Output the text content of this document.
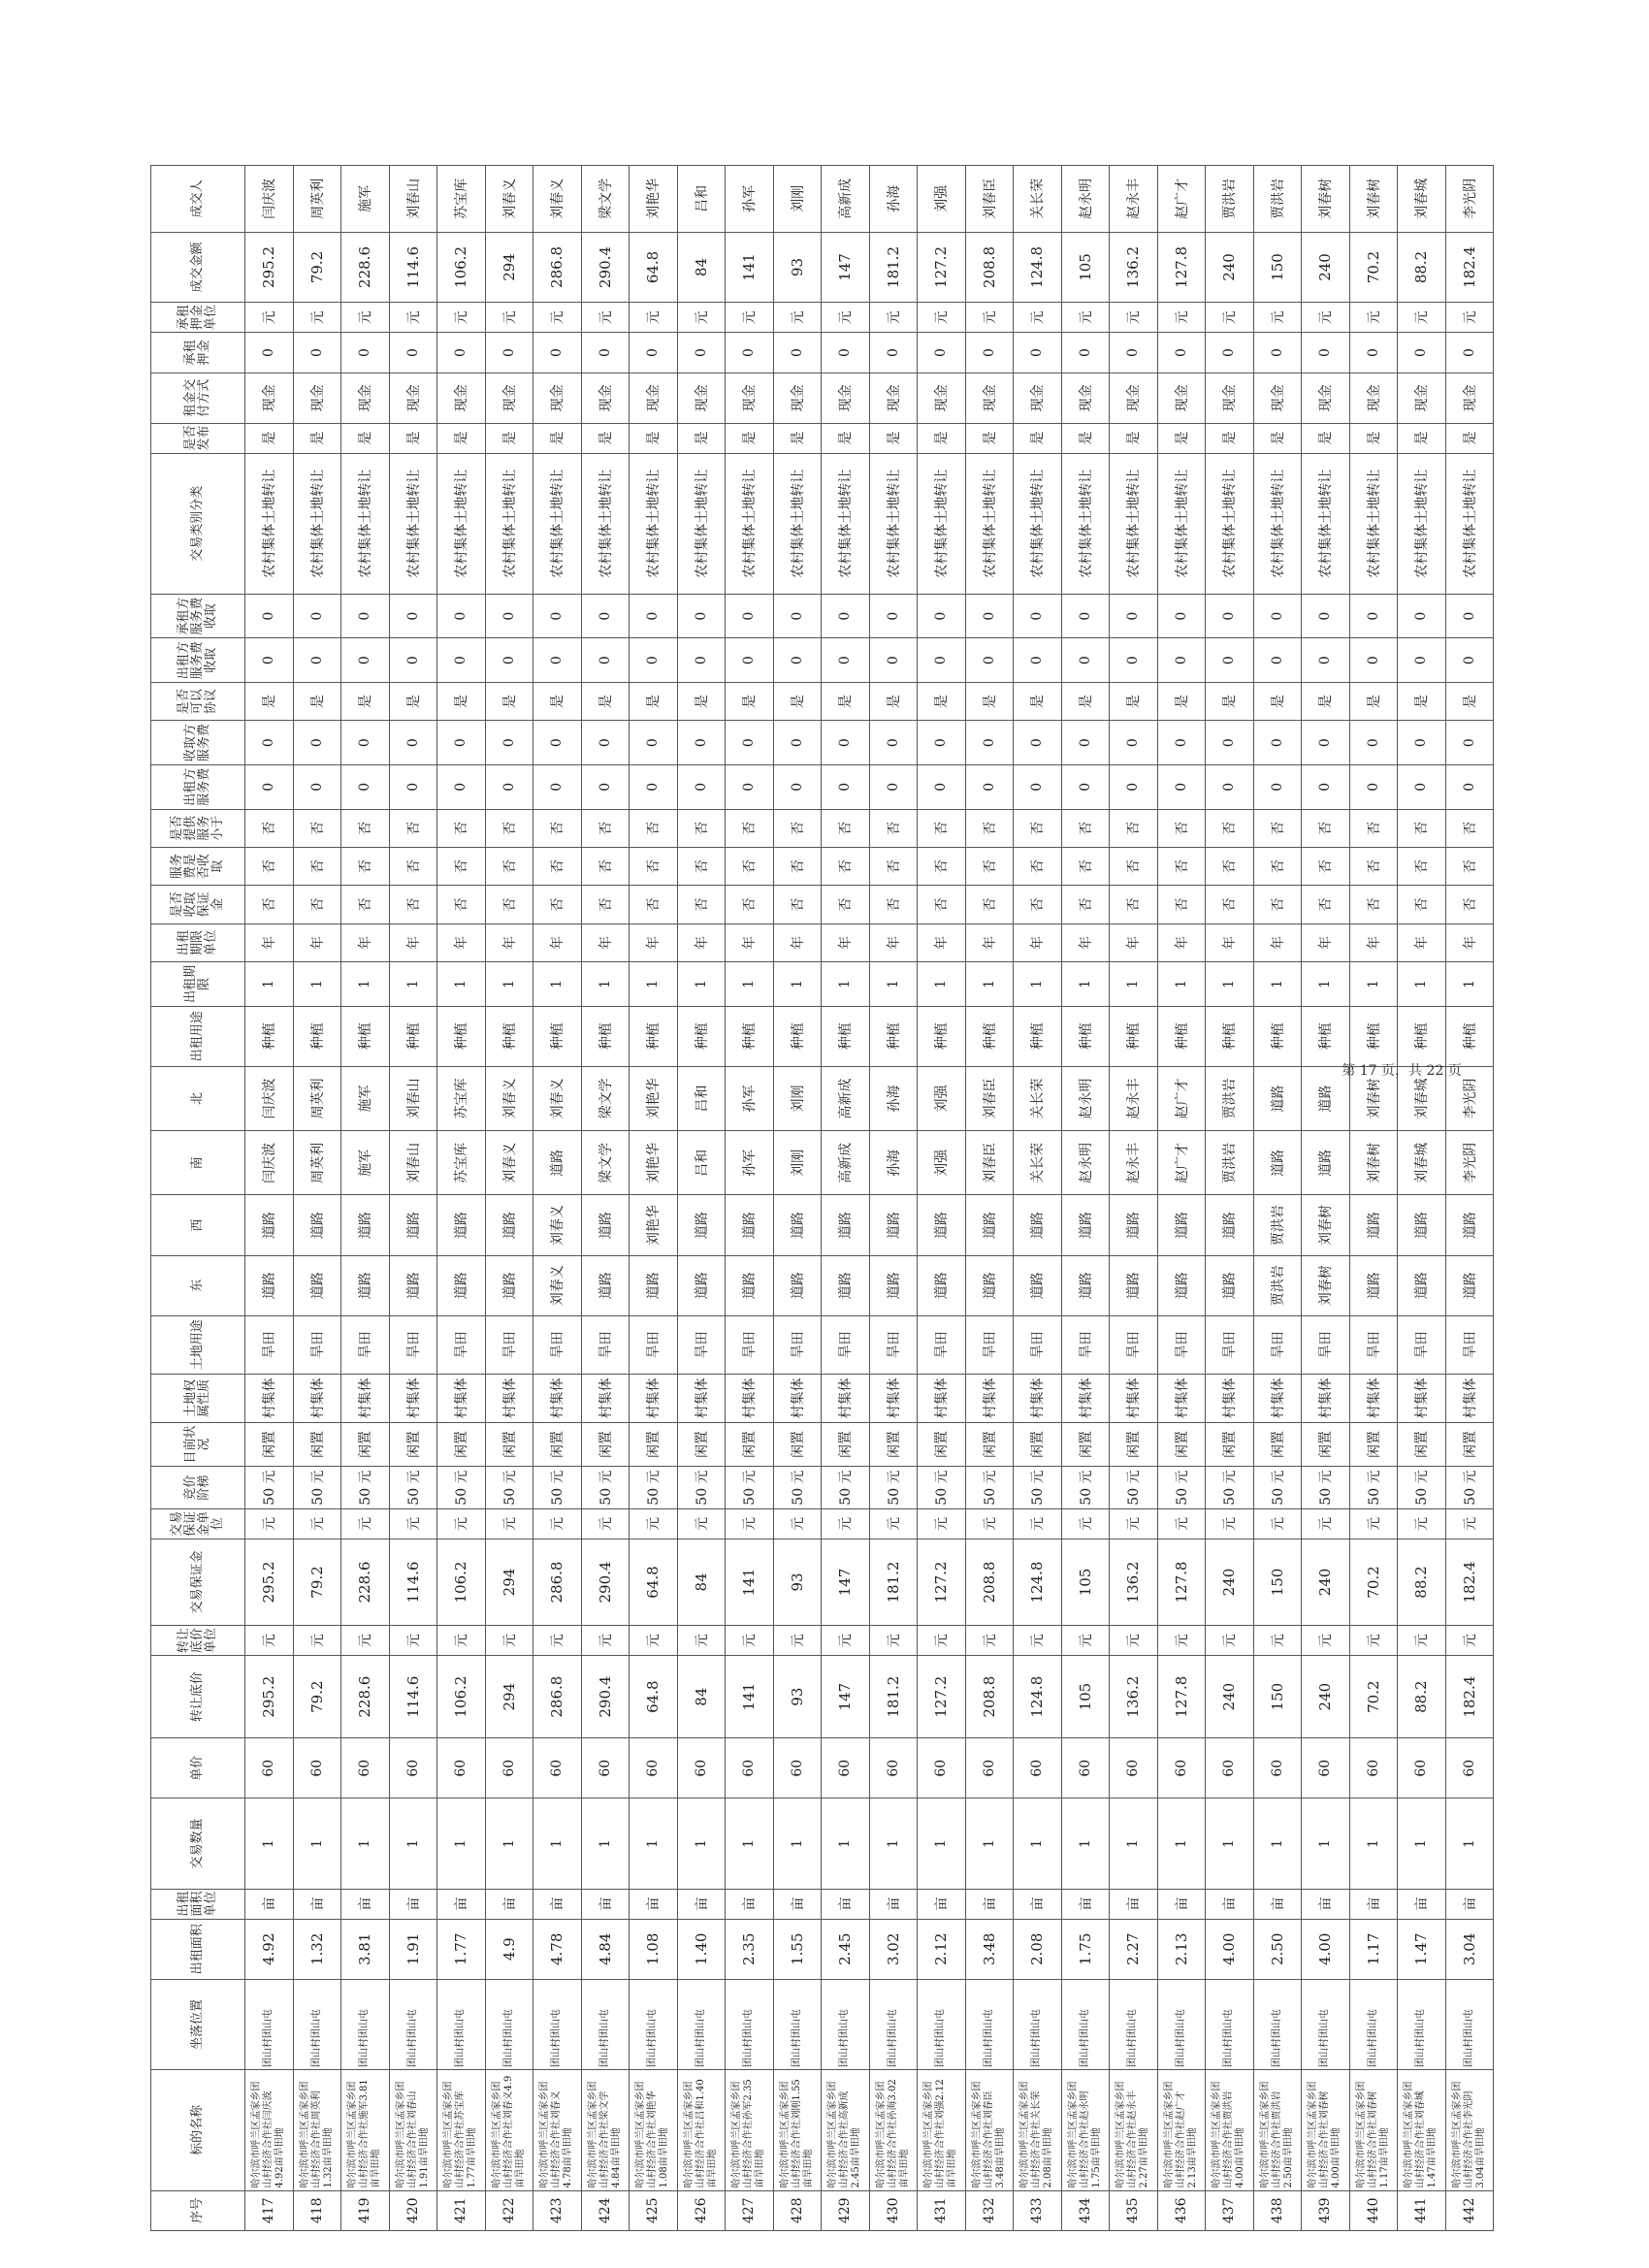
序号	标的名称	坐落位置	出租面积	出租面积单位	交易数量	单价	转让底价	转让底价单位	交易保证金	交易保证金单位	竞价阶梯	目前状况	土地权属性质	土地用途	东	西	南	北	出租用途	出租期限	出租期限单位	是否收取保证金	服务费是否收取	是否提供服务小于	出租方服务费	收取方服务费	是否可以协议	出租方服务费收取	承租方服务费收取	交易类别分类	是否发布	租金交付方式	承租押金	承租押金单位	成交金额	成交人
417	哈尔滨市呼兰区孟家乡团山村经济合作社闫庆波4.92亩旱田地	团山村团山屯	4.92	亩	1	60	295.2	元	295.2	元	50 元	闲置	村集体	旱田	道路	道路	闫庆波	闫庆波	种植	1	年	否	否	否	0	0	是	0	0	农村集体土地转让	是	现金	0	元	295.2	闫庆波
418	哈尔滨市呼兰区孟家乡团山村经济合作社周英利1.32亩旱田地	团山村团山屯	1.32	亩	1	60	79.2	元	79.2	元	50 元	闲置	村集体	旱田	道路	道路	周英利	周英利	种植	1	年	否	否	否	0	0	是	0	0	农村集体土地转让	是	现金	0	元	79.2	周英利
419	哈尔滨市呼兰区孟家乡团山村经济合作社施军3.81亩旱田地	团山村团山屯	3.81	亩	1	60	228.6	元	228.6	元	50 元	闲置	村集体	旱田	道路	道路	施军	施军	种植	1	年	否	否	否	0	0	是	0	0	农村集体土地转让	是	现金	0	元	228.6	施军
420	哈尔滨市呼兰区孟家乡团山村经济合作社刘春山1.91亩旱田地	团山村团山屯	1.91	亩	1	60	114.6	元	114.6	元	50 元	闲置	村集体	旱田	道路	道路	刘春山	刘春山	种植	1	年	否	否	否	0	0	是	0	0	农村集体土地转让	是	现金	0	元	114.6	刘春山
421	哈尔滨市呼兰区孟家乡团山村经济合作社苏宝库1.77亩旱田地	团山村团山屯	1.77	亩	1	60	106.2	元	106.2	元	50 元	闲置	村集体	旱田	道路	道路	苏宝库	苏宝库	种植	1	年	否	否	否	0	0	是	0	0	农村集体土地转让	是	现金	0	元	106.2	苏宝库
422	哈尔滨市呼兰区孟家乡团山村经济合作社刘春义4.9亩旱田地	团山村团山屯	4.9	亩	1	60	294	元	294	元	50 元	闲置	村集体	旱田	道路	道路	刘春义	刘春义	种植	1	年	否	否	否	0	0	是	0	0	农村集体土地转让	是	现金	0	元	294	刘春义
423	哈尔滨市呼兰区孟家乡团山村经济合作社刘春义4.78亩旱田地	团山村团山屯	4.78	亩	1	60	286.8	元	286.8	元	50 元	闲置	村集体	旱田	刘春义	刘春义	道路	刘春义	种植	1	年	否	否	否	0	0	是	0	0	农村集体土地转让	是	现金	0	元	286.8	刘春义
424	哈尔滨市呼兰区孟家乡团山村经济合作社梁文学4.84亩旱田地	团山村团山屯	4.84	亩	1	60	290.4	元	290.4	元	50 元	闲置	村集体	旱田	道路	道路	梁文学	梁文学	种植	1	年	否	否	否	0	0	是	0	0	农村集体土地转让	是	现金	0	元	290.4	梁文学
425	哈尔滨市呼兰区孟家乡团山村经济合作社刘艳华1.08亩旱田地	团山村团山屯	1.08	亩	1	60	64.8	元	64.8	元	50 元	闲置	村集体	旱田	道路	刘艳华	刘艳华	刘艳华	种植	1	年	否	否	否	0	0	是	0	0	农村集体土地转让	是	现金	0	元	64.8	刘艳华
426	哈尔滨市呼兰区孟家乡团山村经济合作社吕和1.40亩旱田地	团山村团山屯	1.40	亩	1	60	84	元	84	元	50 元	闲置	村集体	旱田	道路	道路	吕和	吕和	种植	1	年	否	否	否	0	0	是	0	0	农村集体土地转让	是	现金	0	元	84	吕和
427	哈尔滨市呼兰区孟家乡团山村经济合作社孙军2.35亩旱田地	团山村团山屯	2.35	亩	1	60	141	元	141	元	50 元	闲置	村集体	旱田	道路	道路	孙军	孙军	种植	1	年	否	否	否	0	0	是	0	0	农村集体土地转让	是	现金	0	元	141	孙军
428	哈尔滨市呼兰区孟家乡团山村经济合作社刘刚1.55亩旱田地	团山村团山屯	1.55	亩	1	60	93	元	93	元	50 元	闲置	村集体	旱田	道路	道路	刘刚	刘刚	种植	1	年	否	否	否	0	0	是	0	0	农村集体土地转让	是	现金	0	元	93	刘刚
429	哈尔滨市呼兰区孟家乡团山村经济合作社高新成2.45亩旱田地	团山村团山屯	2.45	亩	1	60	147	元	147	元	50 元	闲置	村集体	旱田	道路	道路	高新成	高新成	种植	1	年	否	否	否	0	0	是	0	0	农村集体土地转让	是	现金	0	元	147	高新成
430	哈尔滨市呼兰区孟家乡团山村经济合作社孙海3.02亩旱田地	团山村团山屯	3.02	亩	1	60	181.2	元	181.2	元	50 元	闲置	村集体	旱田	道路	道路	孙海	孙海	种植	1	年	否	否	否	0	0	是	0	0	农村集体土地转让	是	现金	0	元	181.2	孙海
431	哈尔滨市呼兰区孟家乡团山村经济合作社刘强2.12亩旱田地	团山村团山屯	2.12	亩	1	60	127.2	元	127.2	元	50 元	闲置	村集体	旱田	道路	道路	刘强	刘强	种植	1	年	否	否	否	0	0	是	0	0	农村集体土地转让	是	现金	0	元	127.2	刘强
432	哈尔滨市呼兰区孟家乡团山村经济合作社刘春臣3.48亩旱田地	团山村团山屯	3.48	亩	1	60	208.8	元	208.8	元	50 元	闲置	村集体	旱田	道路	道路	刘春臣	刘春臣	种植	1	年	否	否	否	0	0	是	0	0	农村集体土地转让	是	现金	0	元	208.8	刘春臣
433	哈尔滨市呼兰区孟家乡团山村经济合作社关长荣2.08亩旱田地	团山村团山屯	2.08	亩	1	60	124.8	元	124.8	元	50 元	闲置	村集体	旱田	道路	道路	关长荣	关长荣	种植	1	年	否	否	否	0	0	是	0	0	农村集体土地转让	是	现金	0	元	124.8	关长荣
434	哈尔滨市呼兰区孟家乡团山村经济合作社赵永明1.75亩旱田地	团山村团山屯	1.75	亩	1	60	105	元	105	元	50 元	闲置	村集体	旱田	道路	道路	赵永明	赵永明	种植	1	年	否	否	否	0	0	是	0	0	农村集体土地转让	是	现金	0	元	105	赵永明
435	哈尔滨市呼兰区孟家乡团山村经济合作社赵永丰2.27亩旱田地	团山村团山屯	2.27	亩	1	60	136.2	元	136.2	元	50 元	闲置	村集体	旱田	道路	道路	赵永丰	赵永丰	种植	1	年	否	否	否	0	0	是	0	0	农村集体土地转让	是	现金	0	元	136.2	赵永丰
436	哈尔滨市呼兰区孟家乡团山村经济合作社赵广才2.13亩旱田地	团山村团山屯	2.13	亩	1	60	127.8	元	127.8	元	50 元	闲置	村集体	旱田	道路	道路	赵广才	赵广才	种植	1	年	否	否	否	0	0	是	0	0	农村集体土地转让	是	现金	0	元	127.8	赵广才
437	哈尔滨市呼兰区孟家乡团山村经济合作社贾洪岩4.00亩旱田地	团山村团山屯	4.00	亩	1	60	240	元	240	元	50 元	闲置	村集体	旱田	道路	道路	贾洪岩	贾洪岩	种植	1	年	否	否	否	0	0	是	0	0	农村集体土地转让	是	现金	0	元	240	贾洪岩
438	哈尔滨市呼兰区孟家乡团山村经济合作社贾洪岩2.50亩旱田地	团山村团山屯	2.50	亩	1	60	150	元	150	元	50 元	闲置	村集体	旱田	贾洪岩	贾洪岩	道路	道路	种植	1	年	否	否	否	0	0	是	0	0	农村集体土地转让	是	现金	0	元	150	贾洪岩
439	哈尔滨市呼兰区孟家乡团山村经济合作社刘春树4.00亩旱田地	团山村团山屯	4.00	亩	1	60	240	元	240	元	50 元	闲置	村集体	旱田	刘春树	刘春树	道路	道路	种植	1	年	否	否	否	0	0	是	0	0	农村集体土地转让	是	现金	0	元	240	刘春树
440	哈尔滨市呼兰区孟家乡团山村经济合作社刘春树1.17亩旱田地	团山村团山屯	1.17	亩	1	60	70.2	元	70.2	元	50 元	闲置	村集体	旱田	道路	道路	刘春树	刘春树	种植	1	年	否	否	否	0	0	是	0	0	农村集体土地转让	是	现金	0	元	70.2	刘春树
441	哈尔滨市呼兰区孟家乡团山村经济合作社刘春城1.47亩旱田地	团山村团山屯	1.47	亩	1	60	88.2	元	88.2	元	50 元	闲置	村集体	旱田	道路	道路	刘春城	刘春城	种植	1	年	否	否	否	0	0	是	0	0	农村集体土地转让	是	现金	0	元	88.2	刘春城
442	哈尔滨市呼兰区孟家乡团山村经济合作社李光阴3.04亩旱田地	团山村团山屯	3.04	亩	1	60	182.4	元	182.4	元	50 元	闲置	村集体	旱田	道路	道路	李光阴	李光阴	种植	1	年	否	否	否	0	0	是	0	0	农村集体土地转让	是	现金	0	元	182.4	李光阴
第 17 页，共 22 页
